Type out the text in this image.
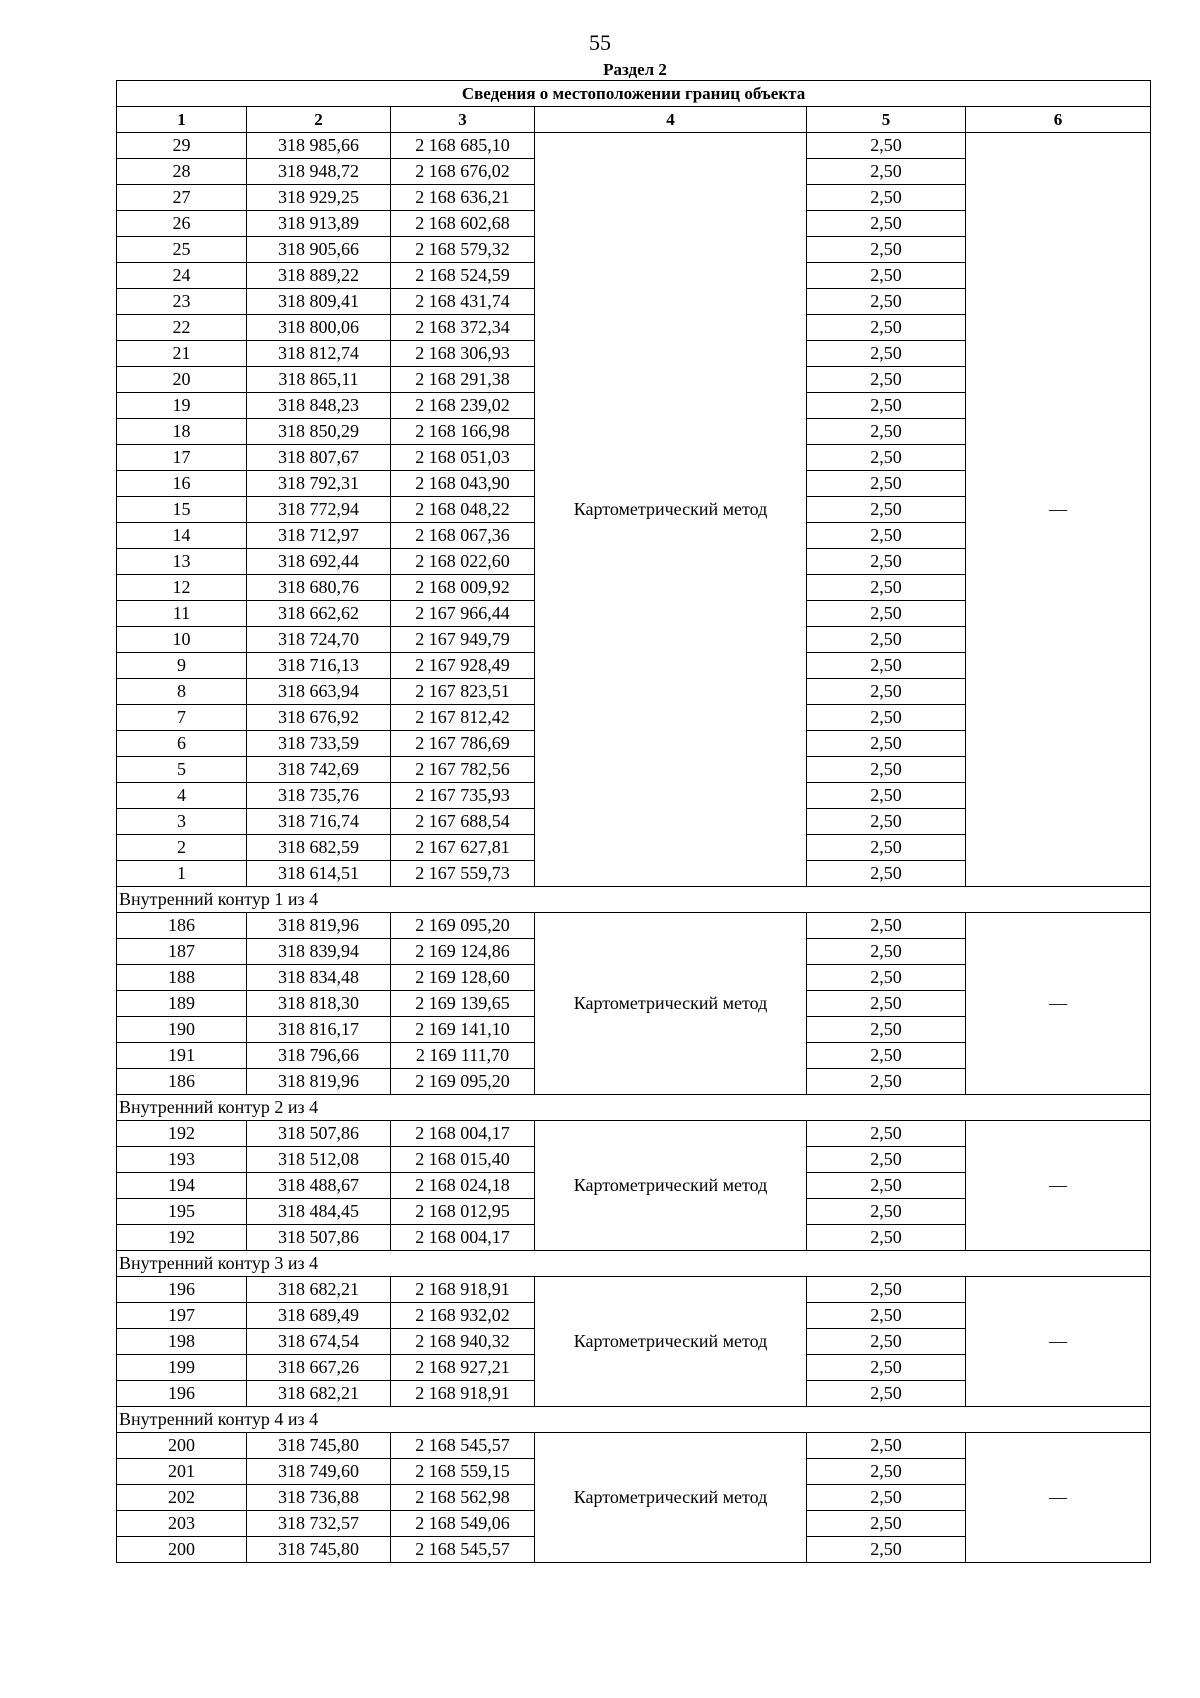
55
Раздел 2
Сведения о местоположении границ объекта					
1	2	3	4	5	6
29	318 985,66	2 168 685,10	Картометрический метод	2,50	—
28	318 948,72	2 168 676,02		2,50	
27	318 929,25	2 168 636,21		2,50	
26	318 913,89	2 168 602,68		2,50	
25	318 905,66	2 168 579,32		2,50	
24	318 889,22	2 168 524,59		2,50	
23	318 809,41	2 168 431,74		2,50	
22	318 800,06	2 168 372,34		2,50	
21	318 812,74	2 168 306,93		2,50	
20	318 865,11	2 168 291,38		2,50	
19	318 848,23	2 168 239,02		2,50	
18	318 850,29	2 168 166,98		2,50	
17	318 807,67	2 168 051,03		2,50	
16	318 792,31	2 168 043,90		2,50	
15	318 772,94	2 168 048,22		2,50	
14	318 712,97	2 168 067,36		2,50	
13	318 692,44	2 168 022,60		2,50	
12	318 680,76	2 168 009,92		2,50	
11	318 662,62	2 167 966,44		2,50	
10	318 724,70	2 167 949,79		2,50	
9	318 716,13	2 167 928,49		2,50	
8	318 663,94	2 167 823,51		2,50	
7	318 676,92	2 167 812,42		2,50	
6	318 733,59	2 167 786,69		2,50	
5	318 742,69	2 167 782,56		2,50	
4	318 735,76	2 167 735,93		2,50	
3	318 716,74	2 167 688,54		2,50	
2	318 682,59	2 167 627,81		2,50	
1	318 614,51	2 167 559,73		2,50	
Внутренний контур 1 из 4					
186	318 819,96	2 169 095,20	Картометрический метод	2,50	—
187	318 839,94	2 169 124,86		2,50	
188	318 834,48	2 169 128,60		2,50	
189	318 818,30	2 169 139,65		2,50	
190	318 816,17	2 169 141,10		2,50	
191	318 796,66	2 169 111,70		2,50	
186	318 819,96	2 169 095,20		2,50	
Внутренний контур 2 из 4					
192	318 507,86	2 168 004,17	Картометрический метод	2,50	—
193	318 512,08	2 168 015,40		2,50	
194	318 488,67	2 168 024,18		2,50	
195	318 484,45	2 168 012,95		2,50	
192	318 507,86	2 168 004,17		2,50	
Внутренний контур 3 из 4					
196	318 682,21	2 168 918,91	Картометрический метод	2,50	—
197	318 689,49	2 168 932,02		2,50	
198	318 674,54	2 168 940,32		2,50	
199	318 667,26	2 168 927,21		2,50	
196	318 682,21	2 168 918,91		2,50	
Внутренний контур 4 из 4					
200	318 745,80	2 168 545,57	Картометрический метод	2,50	—
201	318 749,60	2 168 559,15		2,50	
202	318 736,88	2 168 562,98		2,50	
203	318 732,57	2 168 549,06		2,50	
200	318 745,80	2 168 545,57		2,50	
